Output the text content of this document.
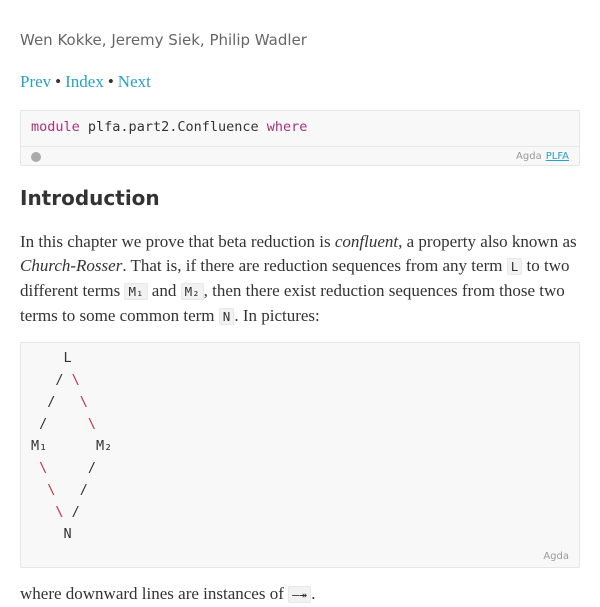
Wen Kokke, Jeremy Siek, Philip Wadler
Prev • Index • Next
module plfa.part2.Confluence where
Agda PLFA
Introduction

In this chapter we prove that beta reduction is confluent, a property also known as Church-Rosser. That is, if there are reduction sequences from any term L to two different terms M₁ and M₂ , then there exist reduction sequences from those two terms to some common term N . In pictures:

L
/ \
/ \
/	\
M₁	M₂
\	/
\ /
\ /
N
Agda
where downward lines are instances of —↠ .
